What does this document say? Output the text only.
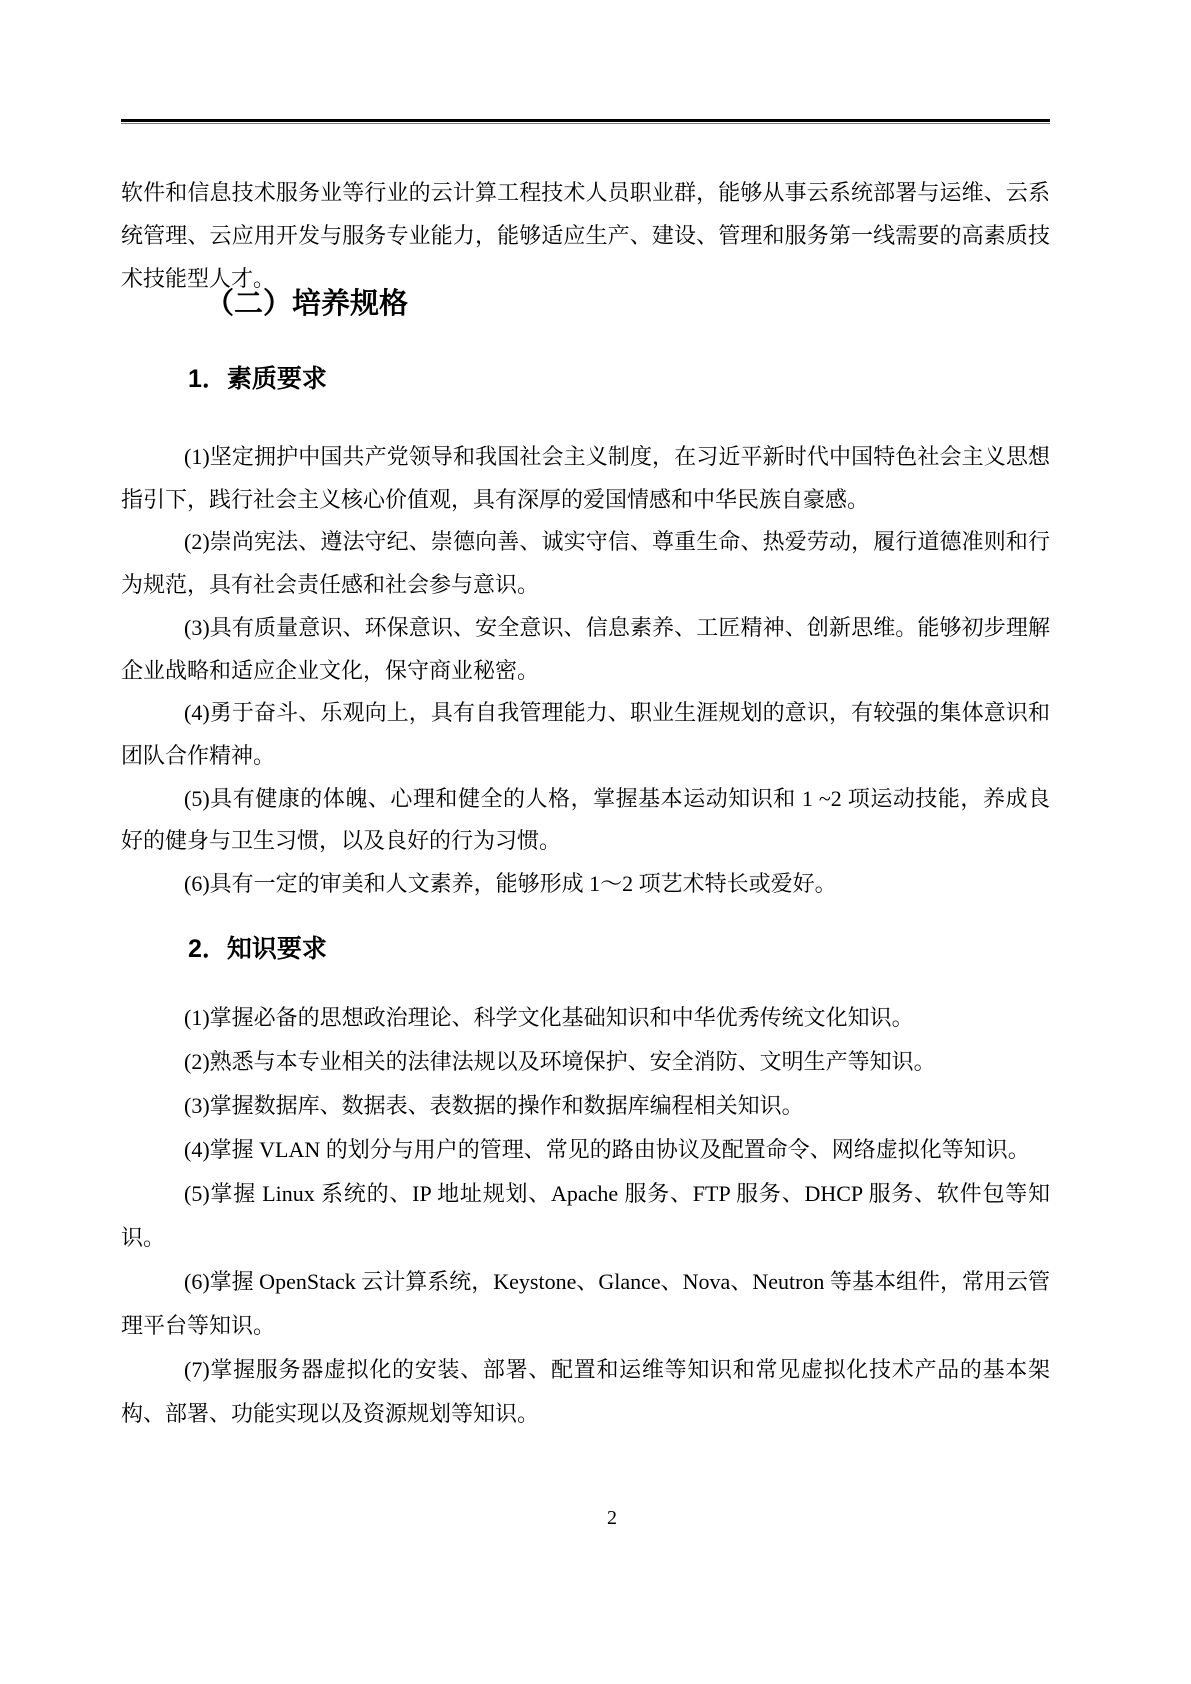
软件和信息技术服务业等行业的云计算工程技术人员职业群，能够从事云系统部署与运维、云系统管理、云应用开发与服务专业能力，能够适应生产、建设、管理和服务第一线需要的高素质技术技能型人才。

（二）培养规格
1．素质要求

(1)坚定拥护中国共产党领导和我国社会主义制度，在习近平新时代中国特色社会主义思想指引下，践行社会主义核心价值观，具有深厚的爱国情感和中华民族自豪感。

(2)崇尚宪法、遵法守纪、崇德向善、诚实守信、尊重生命、热爱劳动，履行道德准则和行为规范，具有社会责任感和社会参与意识。

(3)具有质量意识、环保意识、安全意识、信息素养、工匠精神、创新思维。能够初步理解企业战略和适应企业文化，保守商业秘密。

(4)勇于奋斗、乐观向上，具有自我管理能力、职业生涯规划的意识，有较强的集体意识和团队合作精神。

(5)具有健康的体魄、心理和健全的人格，掌握基本运动知识和 1 ~2 项运动技能，养成良好的健身与卫生习惯，以及良好的行为习惯。

(6)具有一定的审美和人文素养，能够形成 1～2 项艺术特长或爱好。

2．知识要求

(1)掌握必备的思想政治理论、科学文化基础知识和中华优秀传统文化知识。

(2)熟悉与本专业相关的法律法规以及环境保护、安全消防、文明生产等知识。

(3)掌握数据库、数据表、表数据的操作和数据库编程相关知识。

(4)掌握 VLAN 的划分与用户的管理、常见的路由协议及配置命令、网络虚拟化等知识。

(5)掌握 Linux 系统的、IP 地址规划、Apache 服务、FTP 服务、DHCP 服务、软件包等知识。

(6)掌握 OpenStack 云计算系统，Keystone、Glance、Nova、Neutron 等基本组件，常用云管理平台等知识。

(7)掌握服务器虚拟化的安装、部署、配置和运维等知识和常见虚拟化技术产品的基本架构、部署、功能实现以及资源规划等知识。

2
